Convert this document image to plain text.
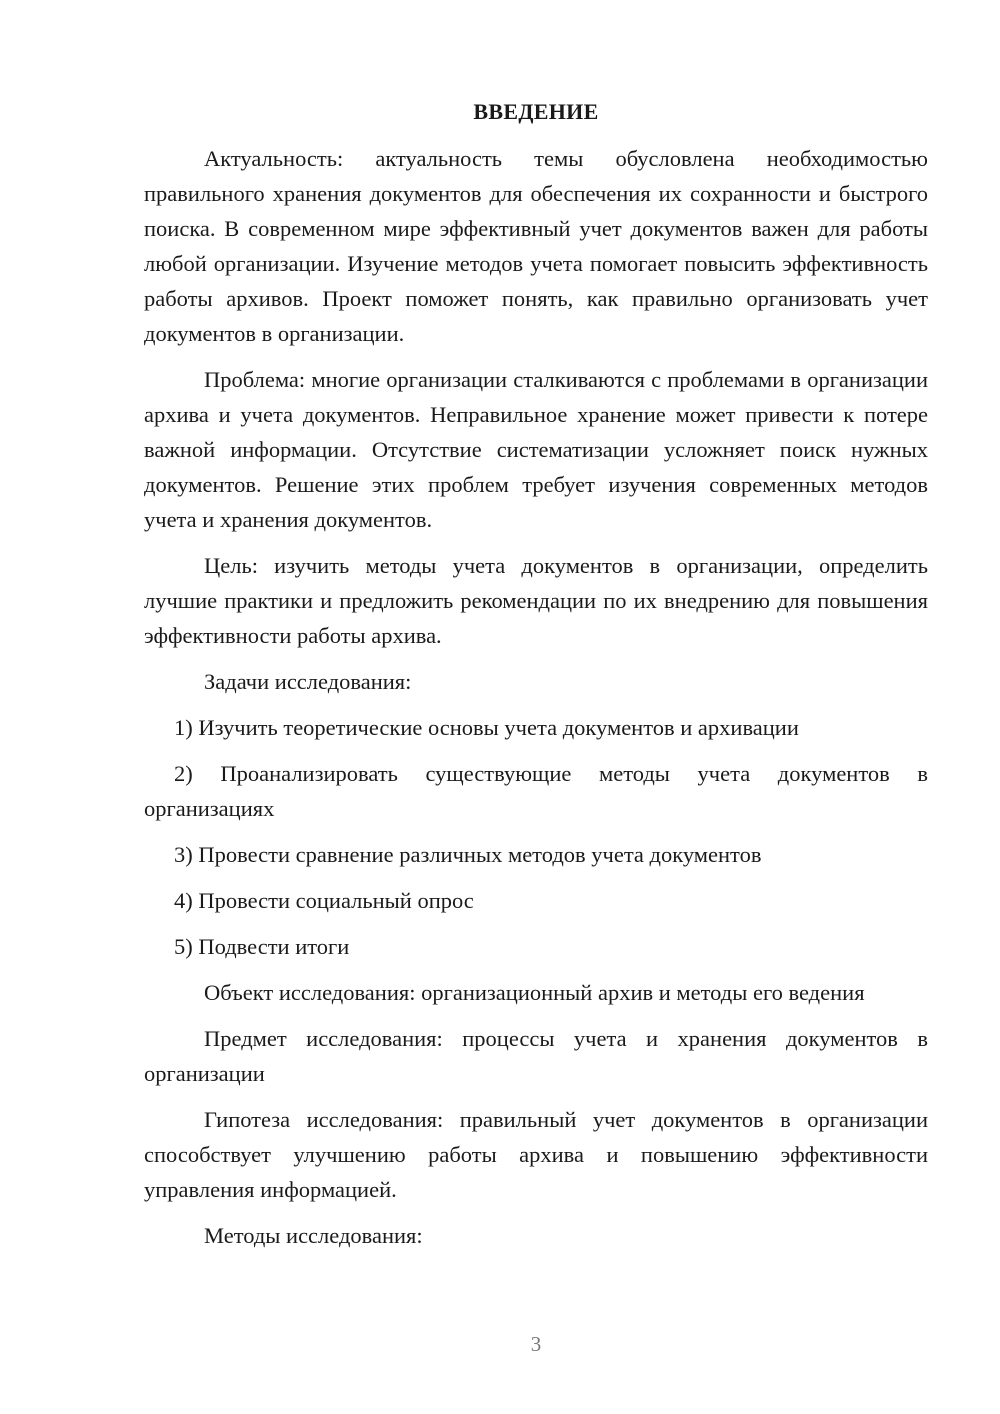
ВВЕДЕНИЕ

Актуальность: актуальность темы обусловлена необходимостью правильного хранения документов для обеспечения их сохранности и быстрого поиска. В современном мире эффективный учет документов важен для работы любой организации. Изучение методов учета помогает повысить эффективность работы архивов. Проект поможет понять, как правильно организовать учет документов в организации.

Проблема: многие организации сталкиваются с проблемами в организации архива и учета документов. Неправильное хранение может привести к потере важной информации. Отсутствие систематизации усложняет поиск нужных документов. Решение этих проблем требует изучения современных методов учета и хранения документов.

Цель: изучить методы учета документов в организации, определить лучшие практики и предложить рекомендации по их внедрению для повышения эффективности работы архива.

Задачи исследования:

1) Изучить теоретические основы учета документов и архивации

2) Проанализировать существующие методы учета документов в организациях

3) Провести сравнение различных методов учета документов

4) Провести социальный опрос

5) Подвести итоги

Объект исследования: организационный архив и методы его ведения

Предмет исследования: процессы учета и хранения документов в организации

Гипотеза исследования: правильный учет документов в организации способствует улучшению работы архива и повышению эффективности управления информацией.

Методы исследования:

3
